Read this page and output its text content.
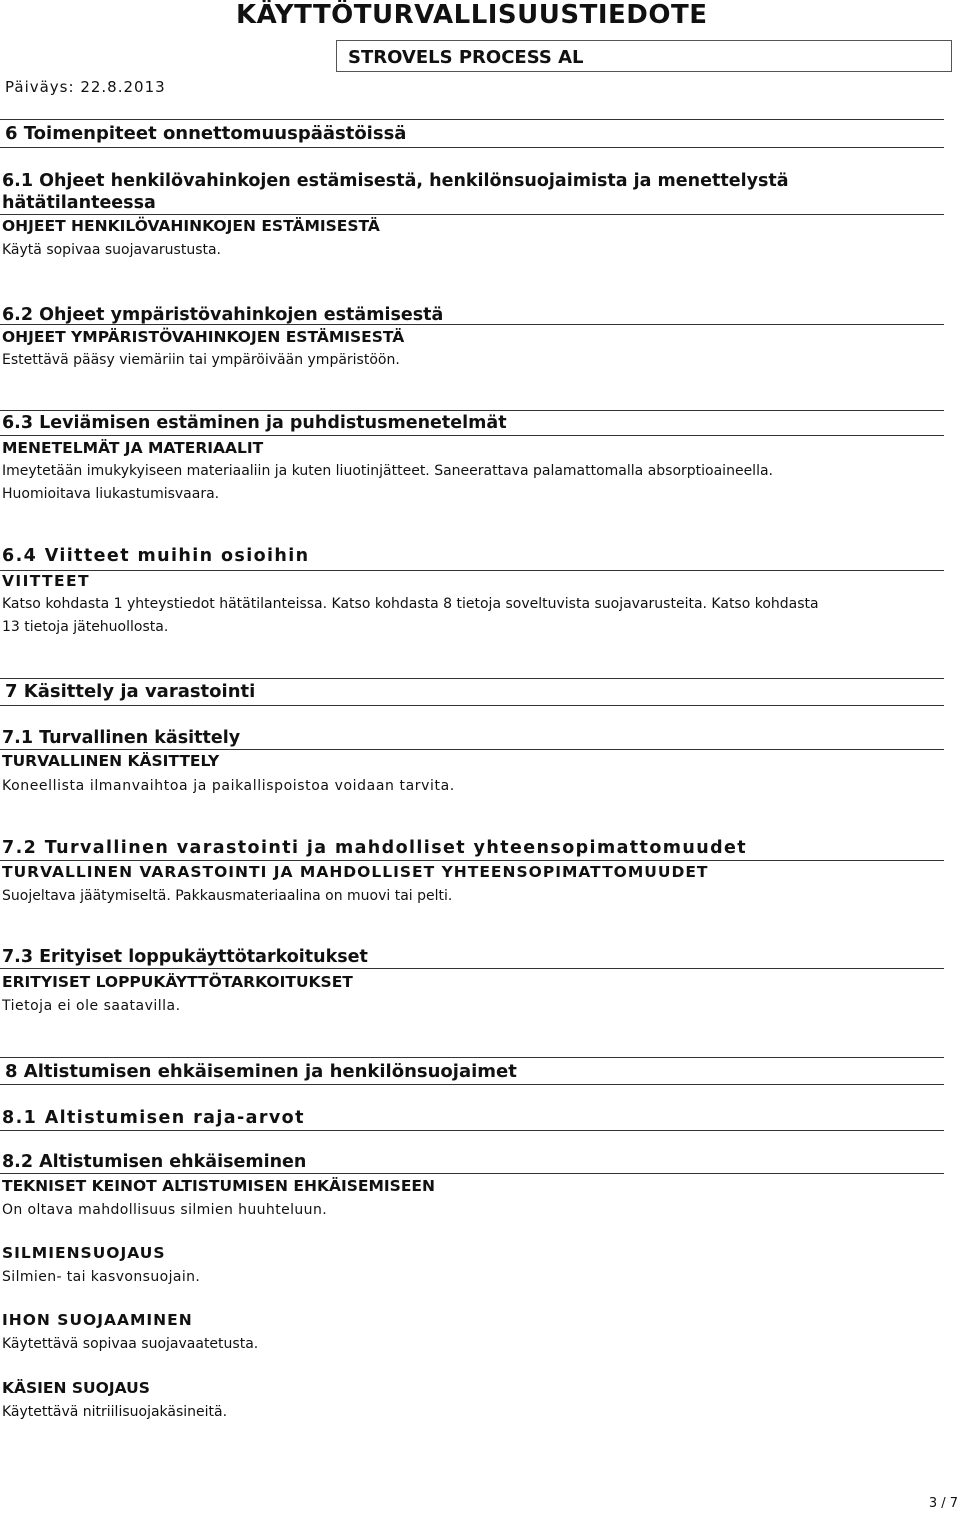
KÄYTTÖTURVALLISUUSTIEDOTE
STROVELS PROCESS AL
Päiväys: 22.8.2013
6 Toimenpiteet onnettomuuspäästöissä
6.1 Ohjeet henkilövahinkojen estämisestä, henkilönsuojaimista ja menettelystä
hätätilanteessa
OHJEET HENKILÖVAHINKOJEN ESTÄMISESTÄ
Käytä sopivaa suojavarustusta.
6.2 Ohjeet ympäristövahinkojen estämisestä
OHJEET YMPÄRISTÖVAHINKOJEN ESTÄMISESTÄ
Estettävä pääsy viemäriin tai ympäröivään ympäristöön.
6.3 Leviämisen estäminen ja puhdistusmenetelmät
MENETELMÄT JA MATERIAALIT
Imeytetään imukykyiseen materiaaliin ja kuten liuotinjätteet. Saneerattava palamattomalla absorptioaineella.
Huomioitava liukastumisvaara.
6.4 Viitteet muihin osioihin
VIITTEET
Katso kohdasta 1 yhteystiedot hätätilanteissa. Katso kohdasta 8 tietoja soveltuvista suojavarusteita. Katso kohdasta
13 tietoja jätehuollosta.
7 Käsittely ja varastointi
7.1 Turvallinen käsittely
TURVALLINEN KÄSITTELY
Koneellista ilmanvaihtoa ja paikallispoistoa voidaan tarvita.
7.2 Turvallinen varastointi ja mahdolliset yhteensopimattomuudet
TURVALLINEN VARASTOINTI JA MAHDOLLISET YHTEENSOPIMATTOMUUDET
Suojeltava jäätymiseltä. Pakkausmateriaalina on muovi tai pelti.
7.3 Erityiset loppukäyttötarkoitukset
ERITYISET LOPPUKÄYTTÖTARKOITUKSET
Tietoja ei ole saatavilla.
8 Altistumisen ehkäiseminen ja henkilönsuojaimet
8.1 Altistumisen raja-arvot
8.2 Altistumisen ehkäiseminen
TEKNISET KEINOT ALTISTUMISEN EHKÄISEMISEEN
On oltava mahdollisuus silmien huuhteluun.
SILMIENSUOJAUS
Silmien- tai kasvonsuojain.
IHON SUOJAAMINEN
Käytettävä sopivaa suojavaatetusta.
KÄSIEN SUOJAUS
Käytettävä nitriilisuojakäsineitä.
3 / 7
